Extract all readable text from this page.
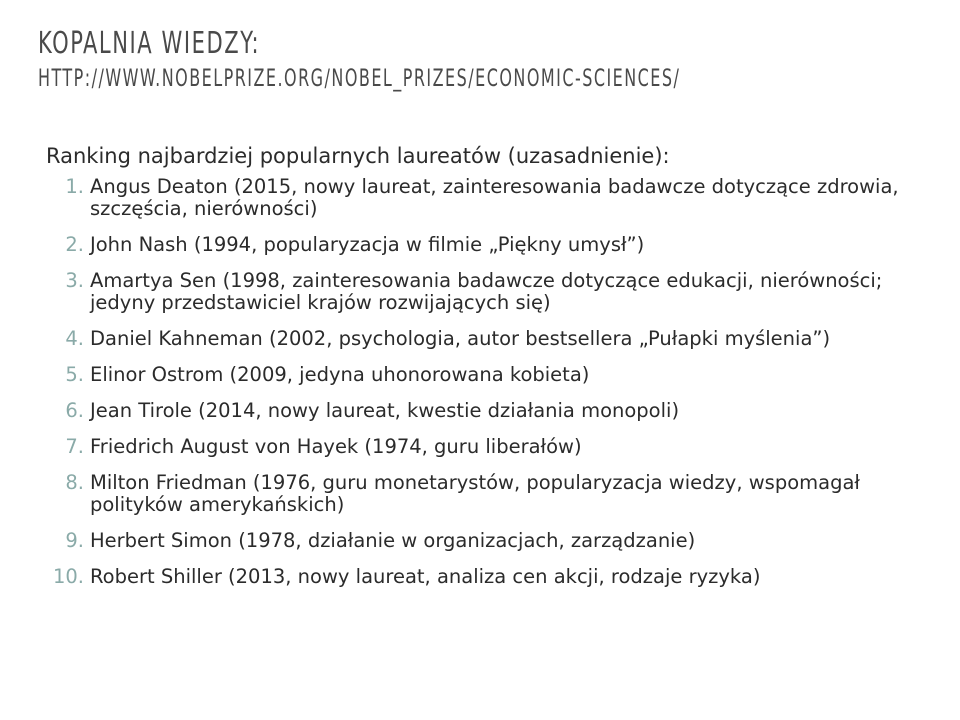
KOPALNIA WIEDZY:
HTTP://WWW.NOBELPRIZE.ORG/NOBEL_PRIZES/ECONOMIC-SCIENCES/

Ranking najbardziej popularnych laureatów (uzasadnienie):

1. Angus Deaton (2015, nowy laureat, zainteresowania badawcze dotyczące zdrowia, szczęścia, nierówności)
2. John Nash (1994, popularyzacja w filmie „Piękny umysł”)
3. Amartya Sen (1998, zainteresowania badawcze dotyczące edukacji, nierówności; jedyny przedstawiciel krajów rozwijających się)
4. Daniel Kahneman (2002, psychologia, autor bestsellera „Pułapki myślenia”)
5. Elinor Ostrom (2009, jedyna uhonorowana kobieta)
6. Jean Tirole (2014, nowy laureat, kwestie działania monopoli)
7. Friedrich August von Hayek (1974, guru liberałów)
8. Milton Friedman (1976, guru monetarystów, popularyzacja wiedzy, wspomagał polityków amerykańskich)
9. Herbert Simon (1978, działanie w organizacjach, zarządzanie)
10. Robert Shiller (2013, nowy laureat, analiza cen akcji, rodzaje ryzyka)
